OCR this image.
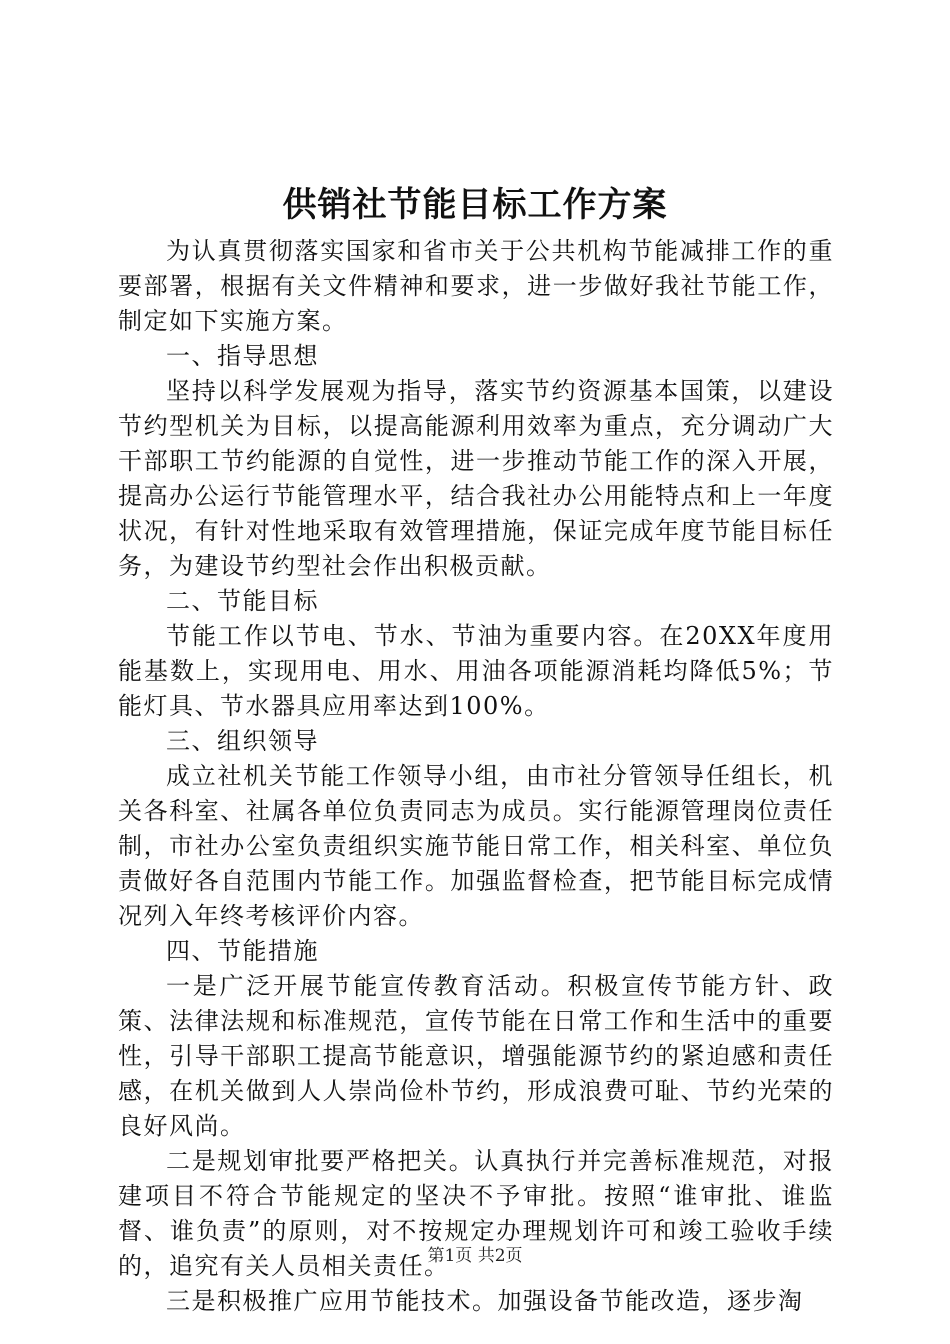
供销社节能目标工作方案

为认真贯彻落实国家和省市关于公共机构节能减排工作的重要部署，根据有关文件精神和要求，进一步做好我社节能工作，制定如下实施方案。

一、指导思想

坚持以科学发展观为指导，落实节约资源基本国策，以建设节约型机关为目标，以提高能源利用效率为重点，充分调动广大干部职工节约能源的自觉性，进一步推动节能工作的深入开展，提高办公运行节能管理水平，结合我社办公用能特点和上一年度状况，有针对性地采取有效管理措施，保证完成年度节能目标任务，为建设节约型社会作出积极贡献。

二、节能目标

节能工作以节电、节水、节油为重要内容。在20XX年度用能基数上，实现用电、用水、用油各项能源消耗均降低5%；节能灯具、节水器具应用率达到100%。

三、组织领导

成立社机关节能工作领导小组，由市社分管领导任组长，机关各科室、社属各单位负责同志为成员。实行能源管理岗位责任制，市社办公室负责组织实施节能日常工作，相关科室、单位负责做好各自范围内节能工作。加强监督检查，把节能目标完成情况列入年终考核评价内容。

四、节能措施

一是广泛开展节能宣传教育活动。积极宣传节能方针、政策、法律法规和标准规范，宣传节能在日常工作和生活中的重要性，引导干部职工提高节能意识，增强能源节约的紧迫感和责任感，在机关做到人人崇尚俭朴节约，形成浪费可耻、节约光荣的良好风尚。

二是规划审批要严格把关。认真执行并完善标准规范，对报建项目不符合节能规定的坚决不予审批。按照“谁审批、谁监督、谁负责”的原则，对不按规定办理规划许可和竣工验收手续的，追究有关人员相关责任。

三是积极推广应用节能技术。加强设备节能改造，逐步淘

第1页 共2页
